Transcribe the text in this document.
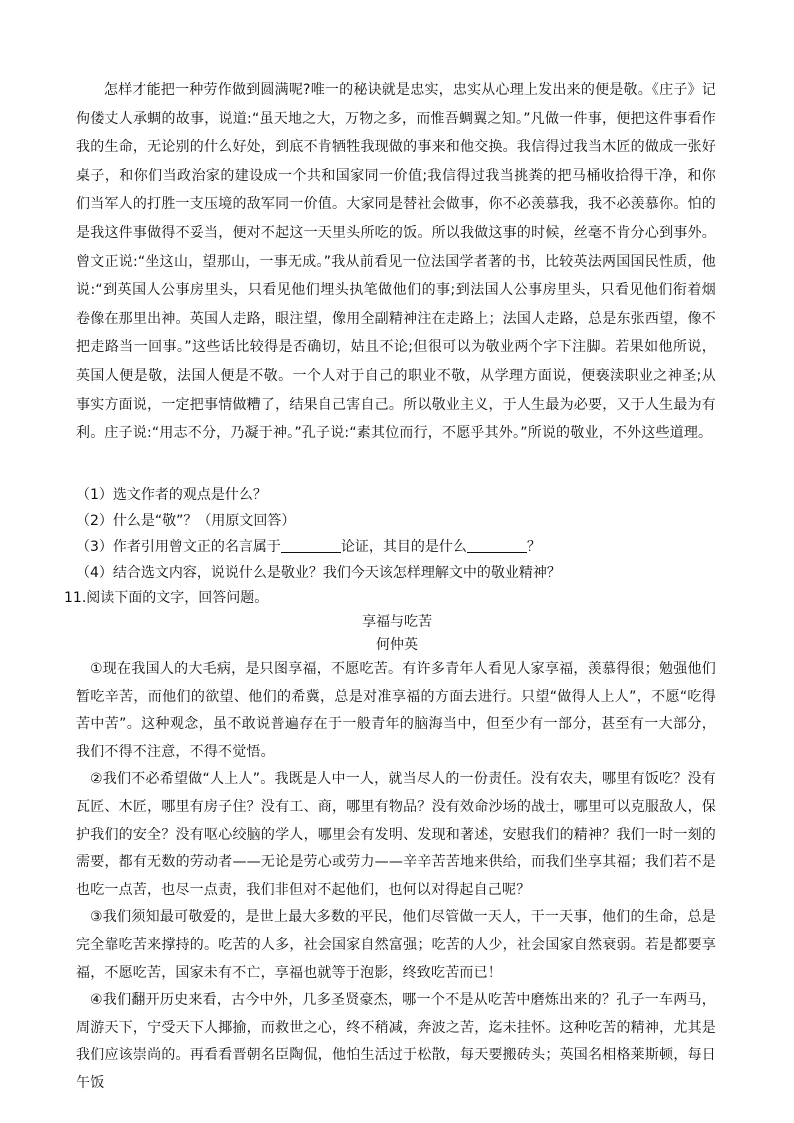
怎样才能把一种劳作做到圆满呢?唯一的秘诀就是忠实，忠实从心理上发出来的便是敬。《庄子》记佝偻丈人承蜩的故事，说道:“虽天地之大，万物之多，而惟吾蜩翼之知。”凡做一件事，便把这件事看作我的生命，无论别的什么好处，到底不肯牺牲我现做的事来和他交换。我信得过我当木匠的做成一张好桌子，和你们当政治家的建设成一个共和国家同一价值;我信得过我当挑粪的把马桶收拾得干净，和你们当军人的打胜一支压境的敌军同一价值。大家同是替社会做事，你不必羡慕我，我不必羡慕你。怕的是我这件事做得不妥当，便对不起这一天里头所吃的饭。所以我做这事的时候，丝毫不肯分心到事外。曾文正说:“坐这山，望那山，一事无成。”我从前看见一位法国学者著的书，比较英法两国国民性质，他说:“到英国人公事房里头，只看见他们埋头执笔做他们的事;到法国人公事房里头，只看见他们衔着烟卷像在那里出神。英国人走路，眼注望，像用全副精神注在走路上；法国人走路，总是东张西望，像不把走路当一回事。”这些话比较得是否确切，姑且不论;但很可以为敬业两个字下注脚。若果如他所说，英国人便是敬，法国人便是不敬。一个人对于自己的职业不敬，从学理方面说，便亵渎职业之神圣;从事实方面说，一定把事情做糟了，结果自己害自己。所以敬业主义，于人生最为必要，又于人生最为有利。庄子说:“用志不分，乃凝于神。”孔子说:“素其位而行，不愿乎其外。”所说的敬业，不外这些道理。

（1）选文作者的观点是什么？

（2）什么是“敬”？（用原文回答）

（3）作者引用曾文正的名言属于	论证，其目的是什么	？

（4）结合选文内容，说说什么是敬业？我们今天该怎样理解文中的敬业精神？

11.阅读下面的文字，回答问题。

享福与吃苦

何仲英

①现在我国人的大毛病，是只图享福，不愿吃苦。有许多青年人看见人家享福，羡慕得很；勉强他们暂吃辛苦，而他们的欲望、他们的希冀，总是对准享福的方面去进行。只望“做得人上人”，不愿“吃得苦中苦”。这种观念，虽不敢说普遍存在于一般青年的脑海当中，但至少有一部分，甚至有一大部分，我们不得不注意，不得不觉悟。

②我们不必希望做“人上人”。我既是人中一人，就当尽人的一份责任。没有农夫，哪里有饭吃？没有瓦匠、木匠，哪里有房子住？没有工、商，哪里有物品？没有效命沙场的战士，哪里可以克服敌人，保护我们的安全？没有呕心绞脑的学人，哪里会有发明、发现和著述，安慰我们的精神？我们一时一刻的需要，都有无数的劳动者——无论是劳心或劳力——辛辛苦苦地来供给，而我们坐享其福；我们若不是也吃一点苦，也尽一点责，我们非但对不起他们，也何以对得起自己呢？

③我们须知最可敬爱的，是世上最大多数的平民，他们尽管做一天人，干一天事，他们的生命，总是完全靠吃苦来撑持的。吃苦的人多，社会国家自然富强；吃苦的人少，社会国家自然衰弱。若是都要享福，不愿吃苦，国家未有不亡，享福也就等于泡影，终致吃苦而已！

④我们翻开历史来看，古今中外，几多圣贤豪杰，哪一个不是从吃苦中磨炼出来的？孔子一车两马，周游天下，宁受天下人揶揄，而救世之心，终不稍减，奔波之苦，迄未挂怀。这种吃苦的精神，尤其是我们应该崇尚的。再看看晋朝名臣陶侃，他怕生活过于松散，每天要搬砖头；英国名相格莱斯顿，每日午饭
